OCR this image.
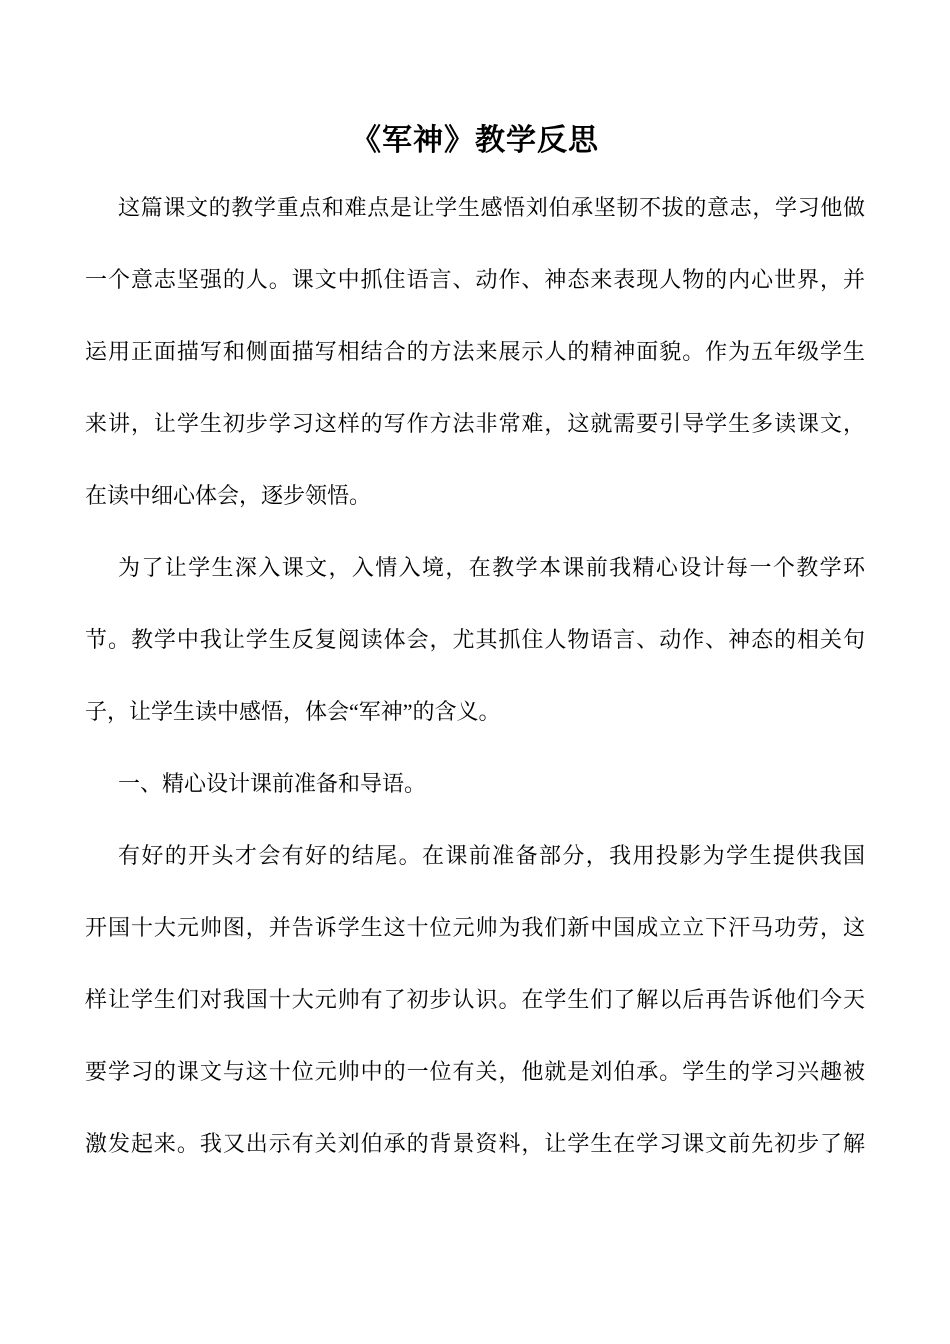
《军神》教学反思
这篇课文的教学重点和难点是让学生感悟刘伯承坚韧不拔的意志，学习他做
一个意志坚强的人。课文中抓住语言、动作、神态来表现人物的内心世界，并
运用正面描写和侧面描写相结合的方法来展示人的精神面貌。作为五年级学生
来讲，让学生初步学习这样的写作方法非常难，这就需要引导学生多读课文，
在读中细心体会，逐步领悟。
为了让学生深入课文，入情入境，在教学本课前我精心设计每一个教学环
节。教学中我让学生反复阅读体会，尤其抓住人物语言、动作、神态的相关句
子，让学生读中感悟，体会“军神”的含义。
一、精心设计课前准备和导语。
有好的开头才会有好的结尾。在课前准备部分，我用投影为学生提供我国
开国十大元帅图，并告诉学生这十位元帅为我们新中国成立立下汗马功劳，这
样让学生们对我国十大元帅有了初步认识。在学生们了解以后再告诉他们今天
要学习的课文与这十位元帅中的一位有关，他就是刘伯承。学生的学习兴趣被
激发起来。我又出示有关刘伯承的背景资料，让学生在学习课文前先初步了解
